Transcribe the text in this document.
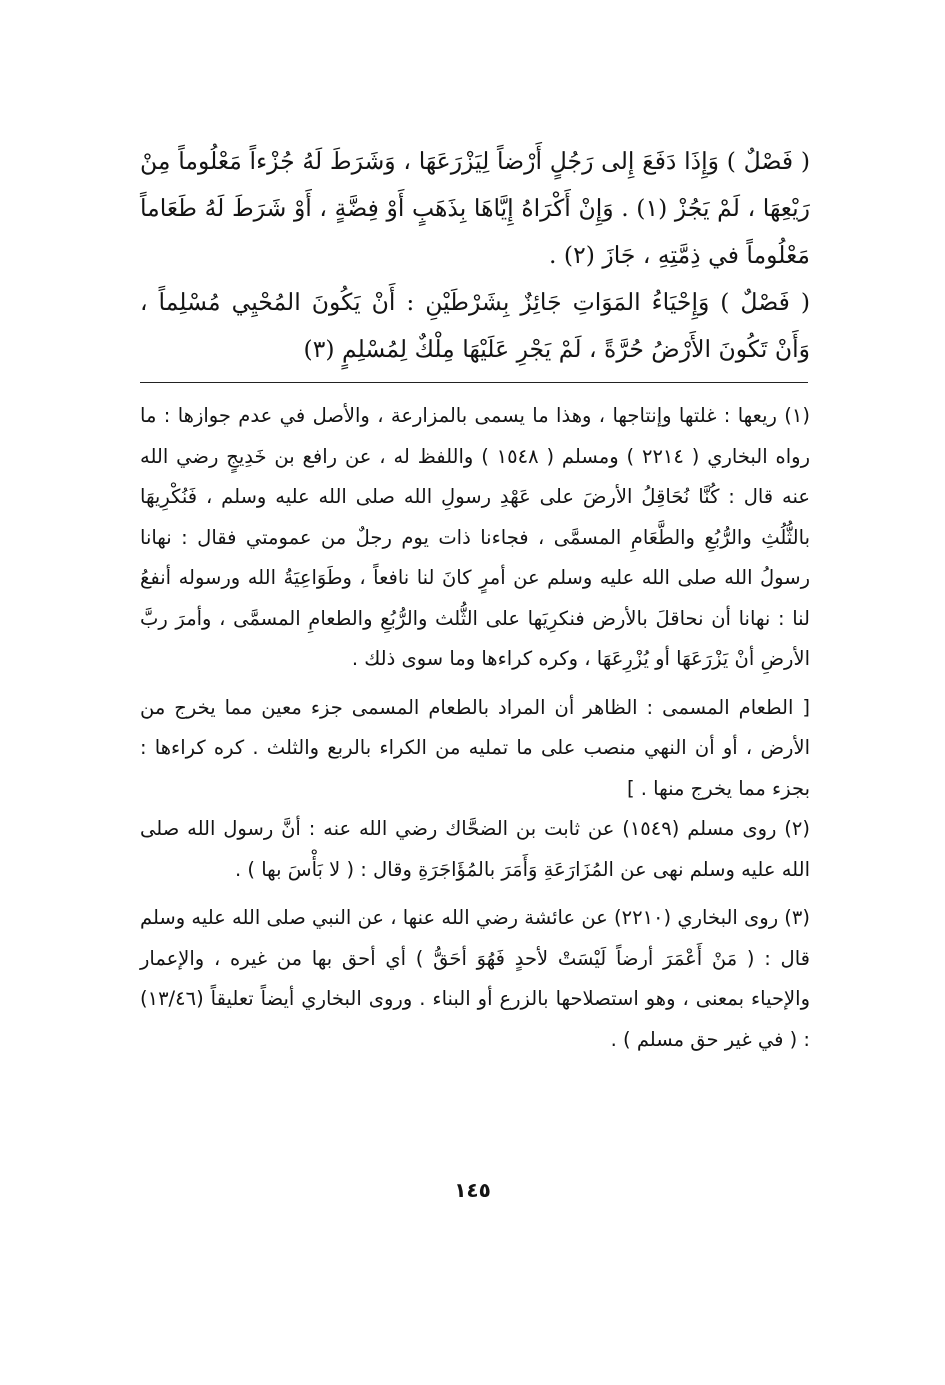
( فَصْلٌ ) وَإِذَا دَفَعَ إِلى رَجُلٍ أَرْضاً لِيَزْرَعَهَا ، وَشَرَطَ لَهُ جُزْءاً مَعْلُوماً مِنْ رَيْعِهَا ، لَمْ يَجُزْ (١) . وَإِنْ أَكْرَاهُ إِيَّاهَا بِذَهَبٍ أَوْ فِضَّةٍ ، أَوْ شَرَطَ لَهُ طَعَاماً مَعْلُوماً في ذِمَّتِهِ ، جَازَ (٢) .

( فَصْلٌ ) وَإِحْيَاءُ المَوَاتِ جَائِزٌ بِشَرْطَيْنِ : أَنْ يَكُونَ المُحْيِي مُسْلِماً ، وَأَنْ تَكُونَ الأَرْضُ حُرَّةً ، لَمْ يَجْرِ عَلَيْهَا مِلْكٌ لِمُسْلِمٍ (٣)

(١) ريعها : غلتها وإنتاجها ، وهذا ما يسمى بالمزارعة ، والأصل في عدم جوازها : ما رواه البخاري ( ٢٢١٤ ) ومسلم ( ١٥٤٨ ) واللفظ له ، عن رافع بن خَدِيجٍ رضي الله عنه قال : كُنَّا نُحَاقِلُ الأرضَ على عَهْدِ رسولِ الله صلى الله عليه وسلم ، فَنُكْرِيهَا بالثُّلُثِ والرُّبُعِ والطَّعَامِ المسمَّى ، فجاءنا ذات يوم رجلٌ من عمومتي فقال : نهانا رسولُ الله صلى الله عليه وسلم عن أمرٍ كانَ لنا نافعاً ، وطَوَاعِيَةُ الله ورسوله أنفعُ لنا : نهانا أن نحاقلَ بالأرض فنكرِيَها على الثُّلث والرُّبُعِ والطعامِ المسمَّى ، وأمرَ ربَّ الأرضِ أنْ يَزْرَعَهَا أو يُزْرِعَهَا ، وكره كراءها وما سوى ذلك .

[ الطعام المسمى : الظاهر أن المراد بالطعام المسمى جزء معين مما يخرج من الأرض ، أو أن النهي منصب على ما تمليه من الكراء بالربع والثلث . كره كراءها : بجزء مما يخرج منها . ]

(٢) روى مسلم (١٥٤٩) عن ثابت بن الضحَّاك رضي الله عنه : أنَّ رسول الله صلى الله عليه وسلم نهى عن المُزَارَعَةِ وَأَمَرَ بالمُؤَاجَرَةِ وقال : ( لا بَأْسَ بها ) .

(٣) روى البخاري (٢٢١٠) عن عائشة رضي الله عنها ، عن النبي صلى الله عليه وسلم قال : ( مَنْ أَعْمَرَ أرضاً لَيْسَتْ لأحدٍ فَهُوَ أحَقُّ ) أي أحق بها من غيره ، والإعمار والإحياء بمعنى ، وهو استصلاحها بالزرع أو البناء . وروى البخاري أيضاً تعليقاً (١٣/٤٦) : ( في غير حق مسلم ) .

١٤٥
